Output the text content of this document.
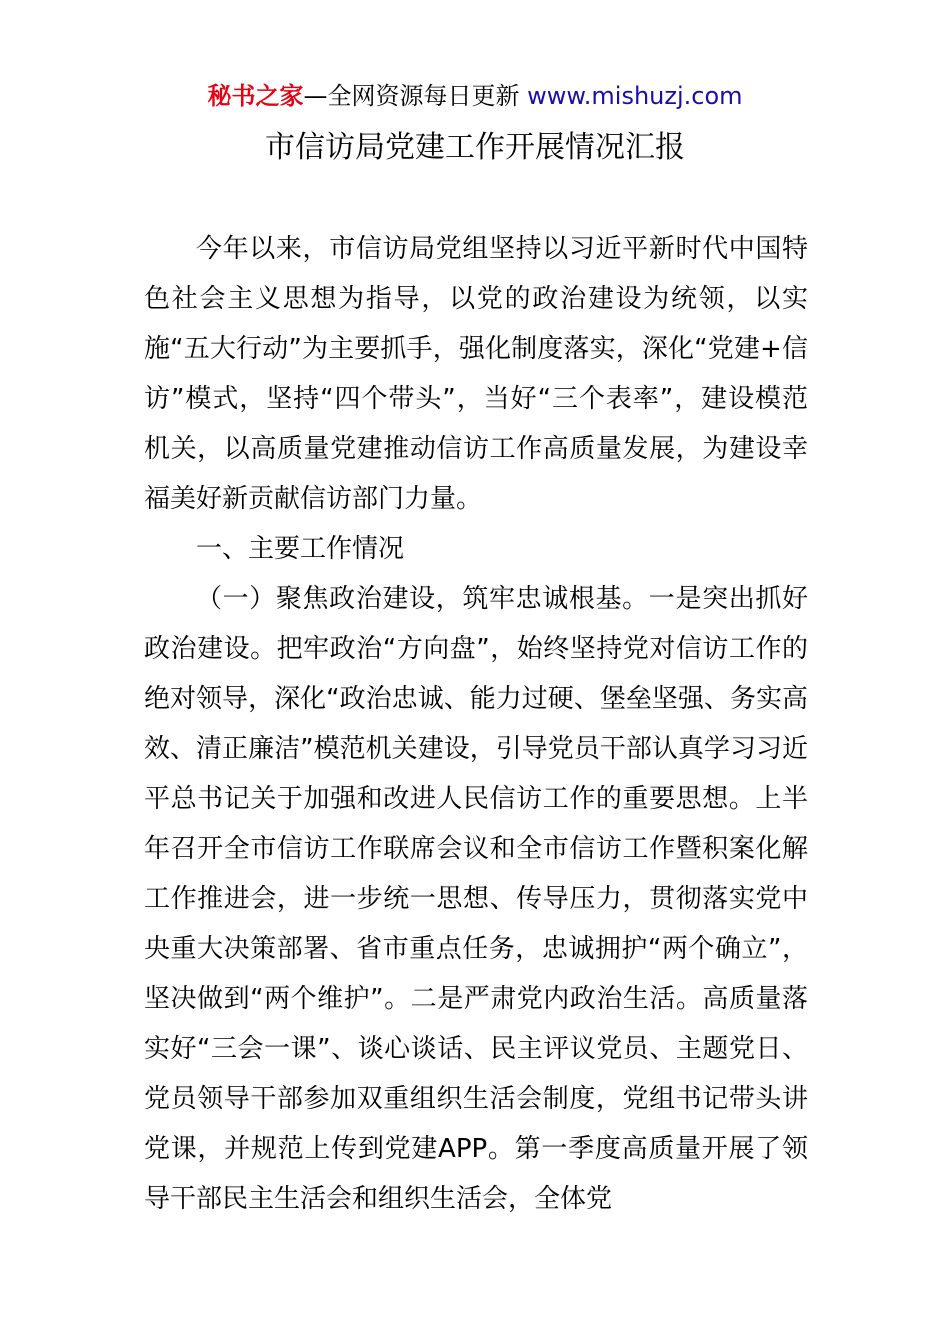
秘书之家—全网资源每日更新 www.mishuzj.com
市信访局党建工作开展情况汇报

今年以来，市信访局党组坚持以习近平新时代中国特色社会主义思想为指导，以党的政治建设为统领，以实施“五大行动”为主要抓手，强化制度落实，深化“党建+信访”模式，坚持“四个带头”，当好“三个表率”，建设模范机关，以高质量党建推动信访工作高质量发展，为建设幸福美好新贡献信访部门力量。

一、主要工作情况

（一）聚焦政治建设，筑牢忠诚根基。一是突出抓好政治建设。把牢政治“方向盘”，始终坚持党对信访工作的绝对领导，深化“政治忠诚、能力过硬、堡垒坚强、务实高效、清正廉洁”模范机关建设，引导党员干部认真学习习近平总书记关于加强和改进人民信访工作的重要思想。上半年召开全市信访工作联席会议和全市信访工作暨积案化解工作推进会，进一步统一思想、传导压力，贯彻落实党中央重大决策部署、省市重点任务，忠诚拥护“两个确立”，坚决做到“两个维护”。二是严肃党内政治生活。高质量落实好“三会一课”、谈心谈话、民主评议党员、主题党日、党员领导干部参加双重组织生活会制度，党组书记带头讲党课，并规范上传到党建APP。第一季度高质量开展了领导干部民主生活会和组织生活会，全体党
